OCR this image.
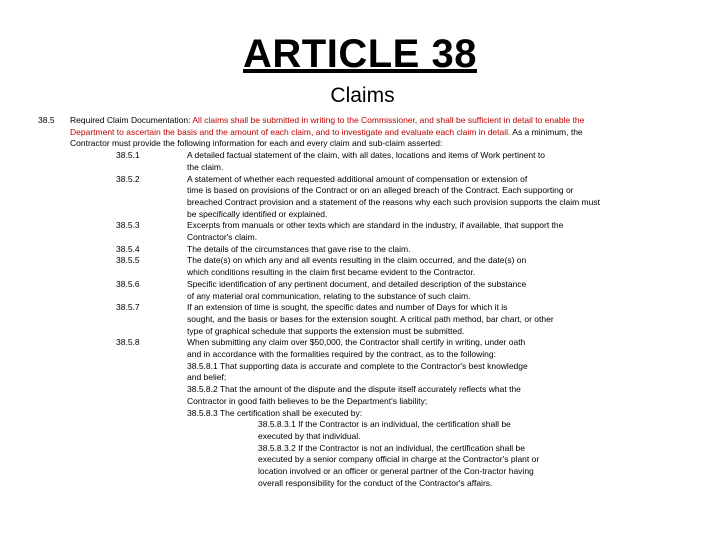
ARTICLE 38
Claims
38.5 Required Claim Documentation: All claims shall be submitted in writing to the Commissioner, and shall be sufficient in detail to enable the
Department to ascertain the basis and the amount of each claim, and to investigate and evaluate each claim in detail. As a minimum, the
Contractor must provide the following information for each and every claim and sub-claim asserted:
38.5.1	A detailed factual statement of the claim, with all dates, locations and items of Work pertinent to
the claim.
38.5.2	A statement of whether each requested additional amount of compensation or extension of
time is based on provisions of the Contract or on an alleged breach of the Contract. Each supporting or
breached Contract provision and a statement of the reasons why each such provision supports the claim must
be specifically identified or explained.
38.5.3	Excerpts from manuals or other texts which are standard in the industry, if available, that support the
Contractor's claim.
38.5.4	The details of the circumstances that gave rise to the claim.
38.5.5	The date(s) on which any and all events resulting in the claim occurred, and the date(s) on
which conditions resulting in the claim first became evident to the Contractor.
38.5.6	Specific identification of any pertinent document, and detailed description of the substance
of any material oral communication, relating to the substance of such claim.
38.5.7	If an extension of time is sought, the specific dates and number of Days for which it is
sought, and the basis or bases for the extension sought. A critical path method, bar chart, or other
type of graphical schedule that supports the extension must be submitted.
38.5.8	When submitting any claim over $50,000, the Contractor shall certify in writing, under oath
and in accordance with the formalities required by the contract, as to the following:
38.5.8.1 That supporting data is accurate and complete to the Contractor's best knowledge
and belief;
38.5.8.2 That the amount of the dispute and the dispute itself accurately reflects what the
Contractor in good faith believes to be the Department's liability;
38.5.8.3 The certification shall be executed by:
38.5.8.3.1 If the Contractor is an individual, the certification shall be
executed by that individual.
38.5.8.3.2 If the Contractor is not an individual, the certification shall be
executed by a senior company official in charge at the Contractor's plant or
location involved or an officer or general partner of the Con-tractor having
overall responsibility for the conduct of the Contractor's affairs.
